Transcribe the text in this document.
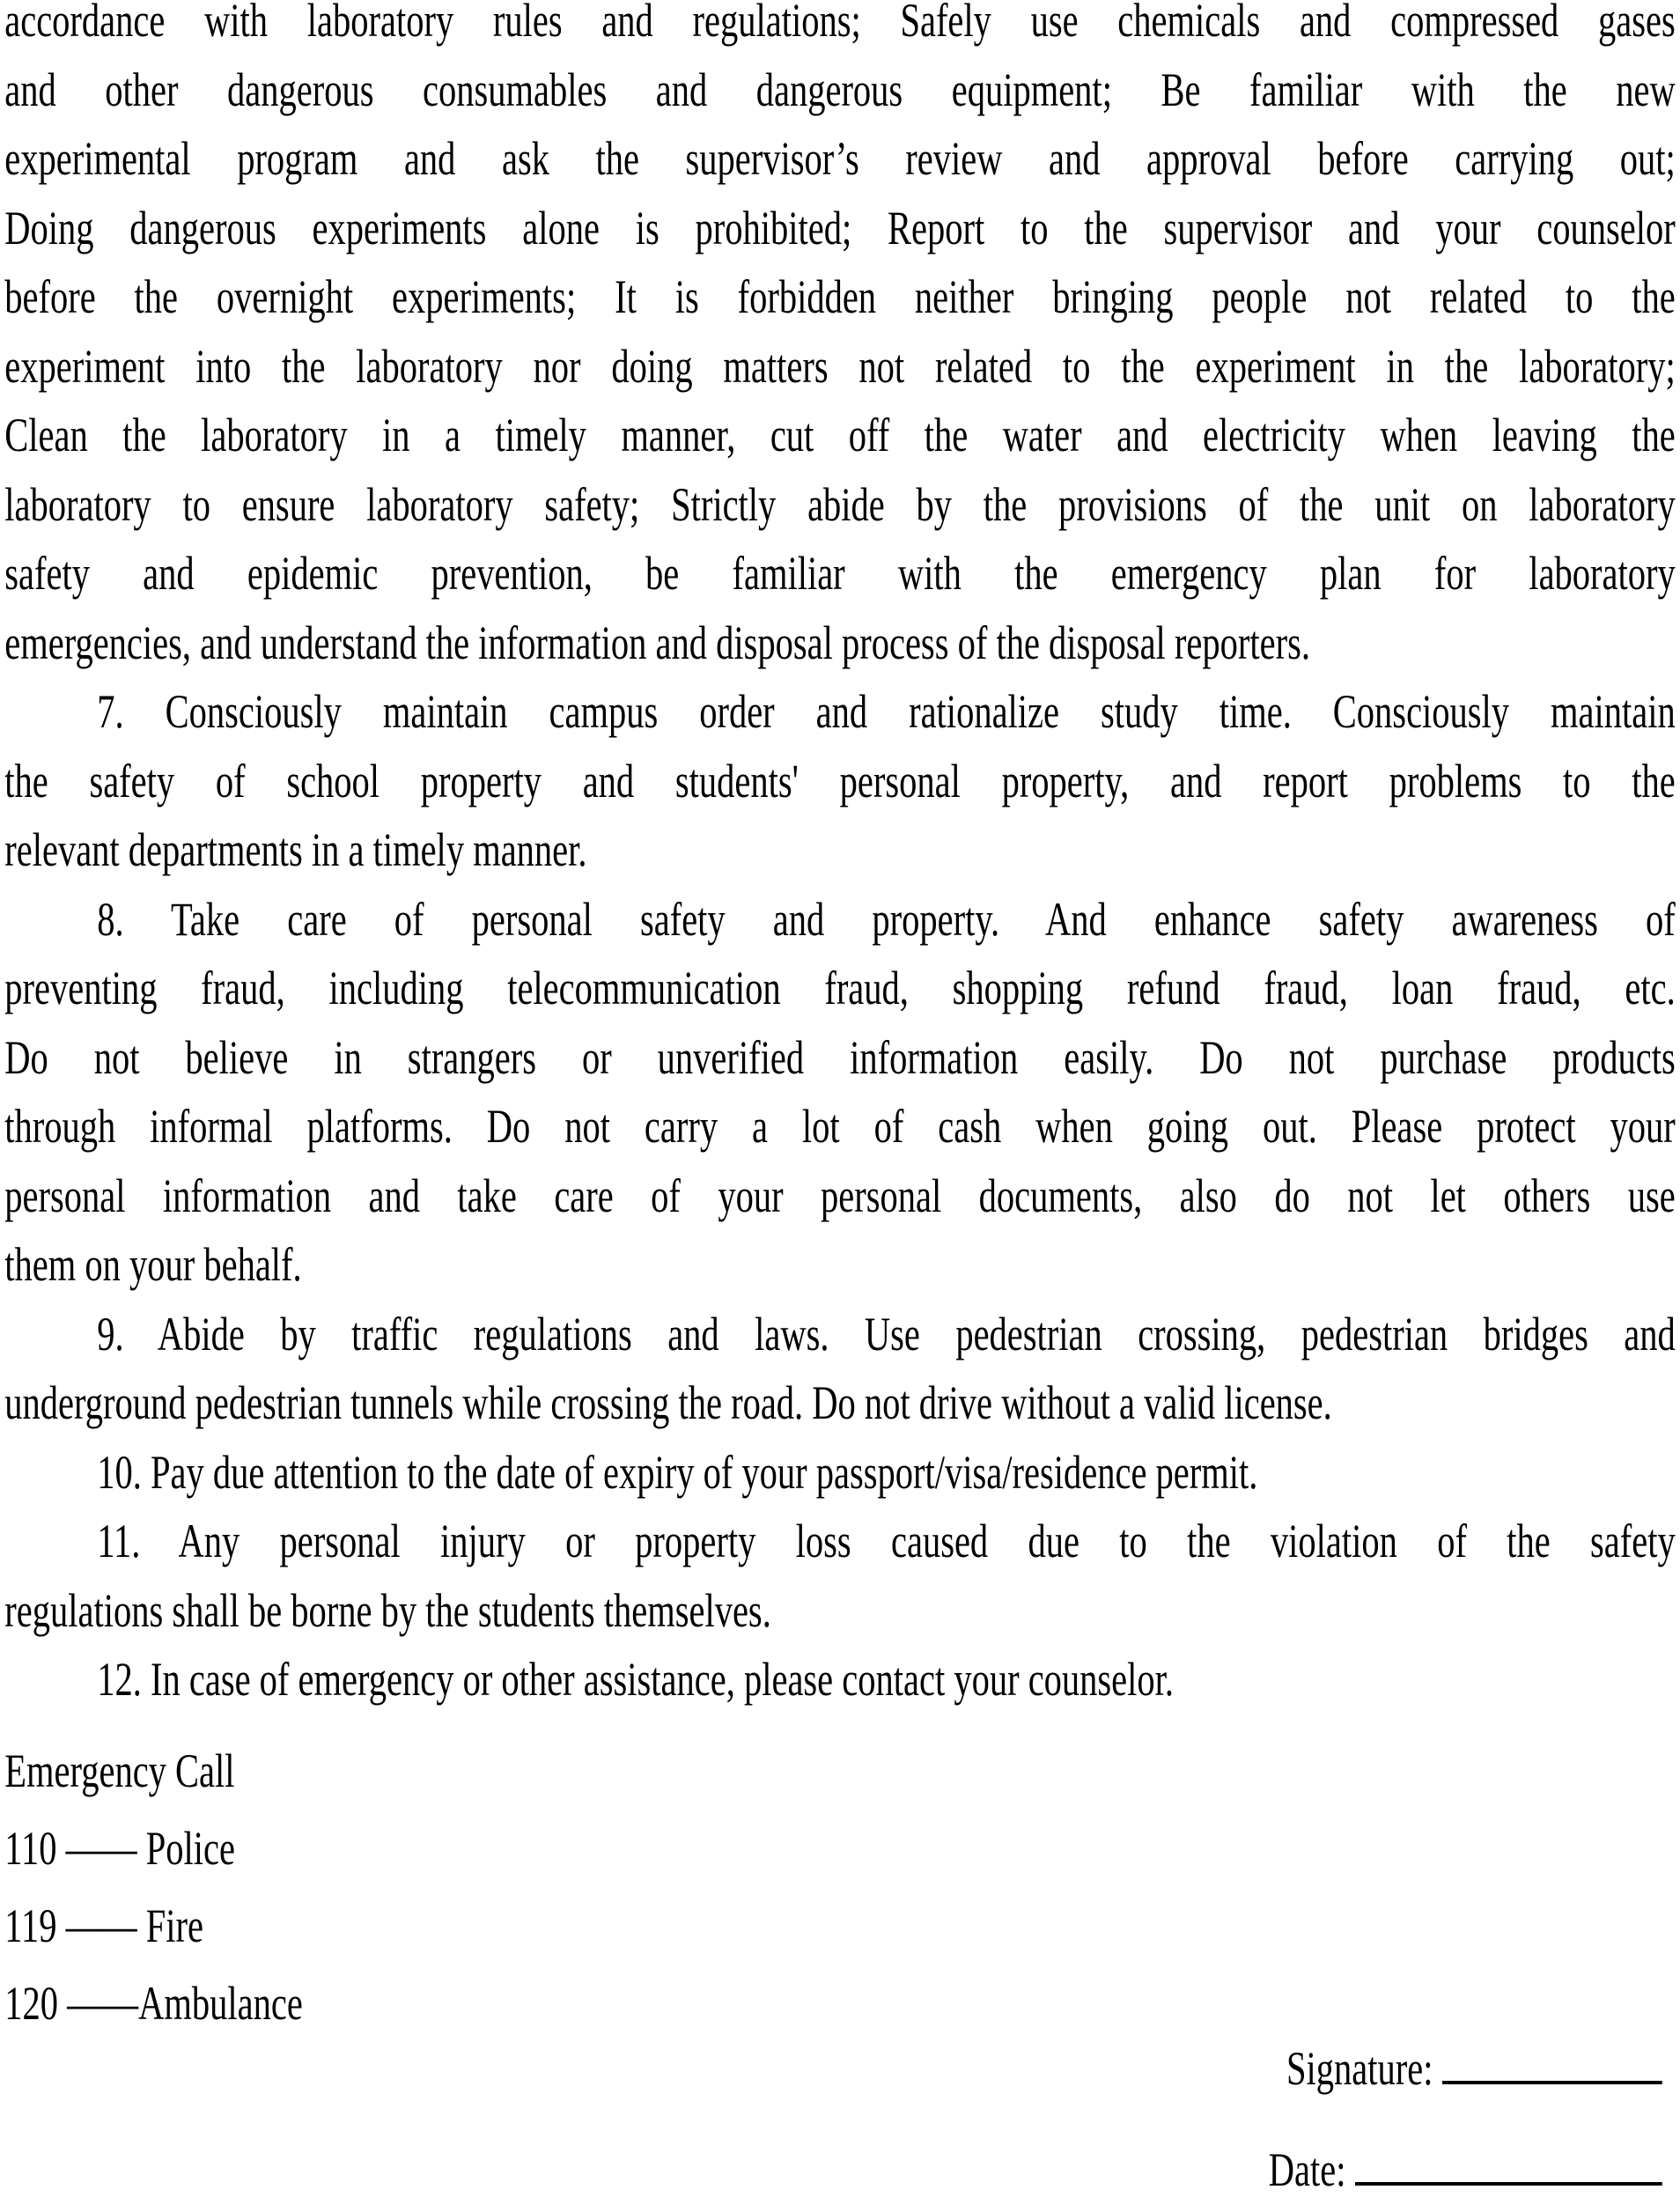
accordance with laboratory rules and regulations; Safely use chemicals and compressed gases
and other dangerous consumables and dangerous equipment; Be familiar with the new
experimental program and ask the supervisor’s review and approval before carrying out;
Doing dangerous experiments alone is prohibited; Report to the supervisor and your counselor
before the overnight experiments; It is forbidden neither bringing people not related to the
experiment into the laboratory nor doing matters not related to the experiment in the laboratory;
Clean the laboratory in a timely manner, cut off the water and electricity when leaving the
laboratory to ensure laboratory safety; Strictly abide by the provisions of the unit on laboratory
safety and epidemic prevention, be familiar with the emergency plan for laboratory
emergencies, and understand the information and disposal process of the disposal reporters.
7. Consciously maintain campus order and rationalize study time. Consciously maintain
the safety of school property and students' personal property, and report problems to the
relevant departments in a timely manner.
8. Take care of personal safety and property. And enhance safety awareness of
preventing fraud, including telecommunication fraud, shopping refund fraud, loan fraud, etc.
Do not believe in strangers or unverified information easily. Do not purchase products
through informal platforms. Do not carry a lot of cash when going out. Please protect your
personal information and take care of your personal documents, also do not let others use
them on your behalf.
9. Abide by traffic regulations and laws. Use pedestrian crossing, pedestrian bridges and
underground pedestrian tunnels while crossing the road. Do not drive without a valid license.
10. Pay due attention to the date of expiry of your passport/visa/residence permit.
11. Any personal injury or property loss caused due to the violation of the safety
regulations shall be borne by the students themselves.
12. In case of emergency or other assistance, please contact your counselor.
Emergency Call
110 —— Police
119 —— Fire
120 ——Ambulance
Signature:
Date:
